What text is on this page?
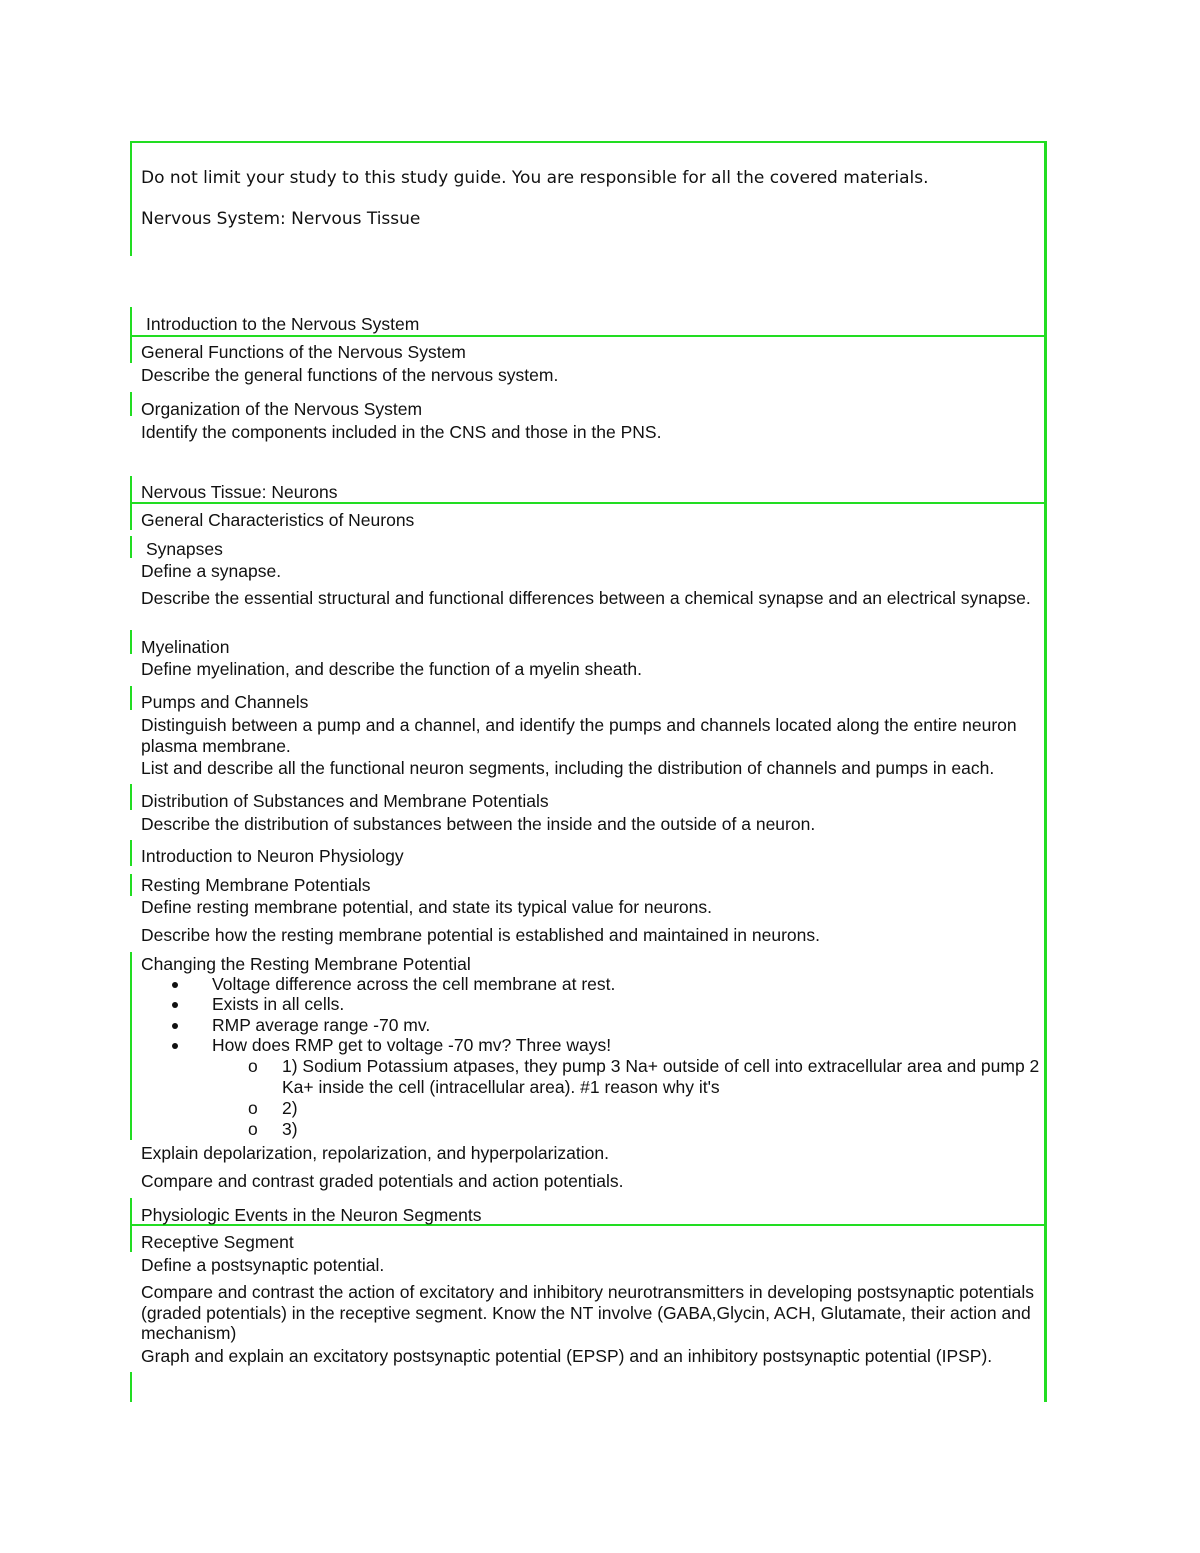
Do not limit your study to this study guide. You are responsible for all the covered materials.
Nervous System: Nervous Tissue
Introduction to the Nervous System
General Functions of the Nervous System
Describe the general functions of the nervous system.
Organization of the Nervous System
Identify the components included in the CNS and those in the PNS.
Nervous Tissue: Neurons
General Characteristics of Neurons
Synapses
Define a synapse.

Describe the essential structural and functional differences between a chemical synapse and an electrical synapse.

Myelination
Define myelination, and describe the function of a myelin sheath.
Pumps and Channels

Distinguish between a pump and a channel, and identify the pumps and channels located along the entire neuron plasma membrane.

List and describe all the functional neuron segments, including the distribution of channels and pumps in each.
Distribution of Substances and Membrane Potentials
Describe the distribution of substances between the inside and the outside of a neuron.
Introduction to Neuron Physiology
Resting Membrane Potentials
Define resting membrane potential, and state its typical value for neurons.
Describe how the resting membrane potential is established and maintained in neurons.
Changing the Resting Membrane Potential
Voltage difference across the cell membrane at rest.
Exists in all cells.
RMP average range -70 mv.
How does RMP get to voltage -70 mv? Three ways!
o 1) Sodium Potassium atpases, they pump 3 Na+ outside of cell into extracellular area and pump 2 Ka+ inside the cell (intracellular area). #1 reason why it's
o 2)
o 3)
Explain depolarization, repolarization, and hyperpolarization.
Compare and contrast graded potentials and action potentials.
Physiologic Events in the Neuron Segments
Receptive Segment
Define a postsynaptic potential.

Compare and contrast the action of excitatory and inhibitory neurotransmitters in developing postsynaptic potentials (graded potentials) in the receptive segment. Know the NT involve (GABA,Glycin, ACH, Glutamate, their action and mechanism)

Graph and explain an excitatory postsynaptic potential (EPSP) and an inhibitory postsynaptic potential (IPSP).
